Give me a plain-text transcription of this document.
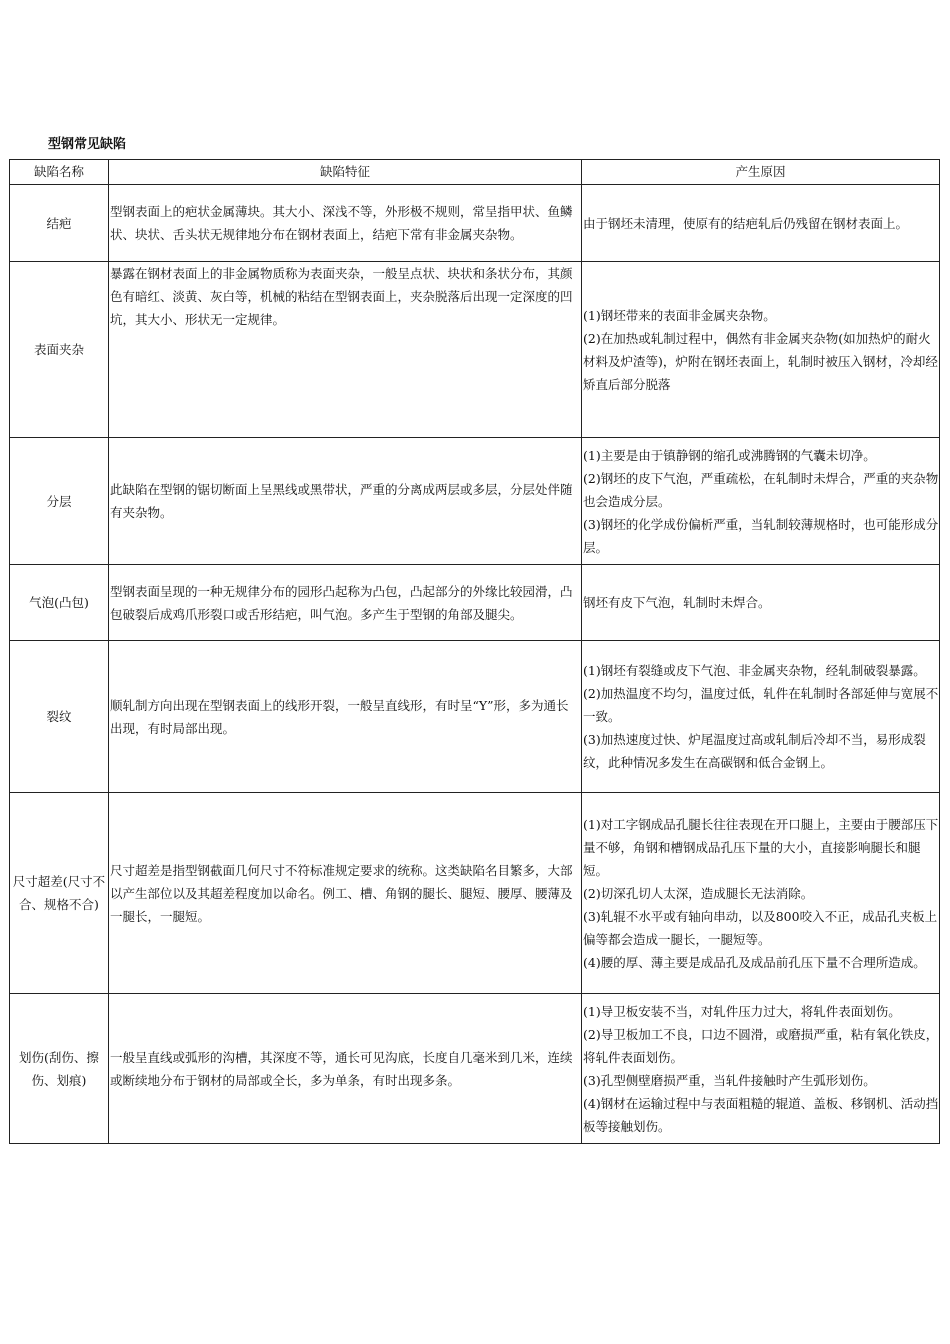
型钢常见缺陷
缺陷名称	缺陷特征	产生原因
结疤	型钢表面上的疤状金属薄块。其大小、深浅不等，外形极不规则，常呈指甲状、鱼鳞状、块状、舌头状无规律地分布在钢材表面上，结疤下常有非金属夹杂物。	由于钢坯未清理，使原有的结疤轧后仍残留在钢材表面上。

表面夹杂	暴露在钢材表面上的非金属物质称为表面夹杂，一般呈点状、块状和条状分布，其颜色有暗红、淡黄、灰白等，机械的粘结在型钢表面上，夹杂脱落后出现一定深度的凹坑，其大小、形状无一定规律。	(1)钢坯带来的表面非金属夹杂物。
(2)在加热或轧制过程中，偶然有非金属夹杂物(如加热炉的耐火材料及炉渣等)，炉附在钢坯表面上，轧制时被压入钢材，冷却经矫直后部分脱落

分层	此缺陷在型钢的锯切断面上呈黑线或黑带状，严重的分离成两层或多层，分层处伴随有夹杂物。	(1)主要是由于镇静钢的缩孔或沸腾钢的气囊未切净。
(2)钢坯的皮下气泡，严重疏松，在轧制时未焊合，严重的夹杂物也会造成分层。
(3)钢坯的化学成份偏析严重，当轧制较薄规格时，也可能形成分层。

气泡(凸包)	型钢表面呈现的一种无规律分布的园形凸起称为凸包，凸起部分的外缘比较园滑，凸包破裂后成鸡爪形裂口或舌形结疤，叫气泡。多产生于型钢的角部及腿尖。	钢坯有皮下气泡，轧制时未焊合。

裂纹	顺轧制方向出现在型钢表面上的线形开裂，一般呈直线形，有时呈“Y”形，多为通长出现，有时局部出现。	(1)钢坯有裂缝或皮下气泡、非金属夹杂物，经轧制破裂暴露。
(2)加热温度不均匀，温度过低，轧件在轧制时各部延伸与宽展不一致。
(3)加热速度过快、炉尾温度过高或轧制后冷却不当，易形成裂纹，此种情况多发生在高碳钢和低合金钢上。

尺寸超差(尺寸不合、规格不合)	尺寸超差是指型钢截面几何尺寸不符标准规定要求的统称。这类缺陷名目繁多，大部以产生部位以及其超差程度加以命名。例工、槽、角钢的腿长、腿短、腰厚、腰薄及一腿长，一腿短。	(1)对工字钢成品孔腿长往往表现在开口腿上，主要由于腰部压下量不够，角钢和槽钢成品孔压下量的大小，直接影响腿长和腿短。
(2)切深孔切人太深，造成腿长无法消除。
(3)轧辊不水平或有轴向串动，以及800咬入不正，成品孔夹板上偏等都会造成一腿长，一腿短等。
(4)腰的厚、薄主要是成品孔及成品前孔压下量不合理所造成。

划伤(刮伤、擦伤、划痕)	一般呈直线或弧形的沟槽，其深度不等，通长可见沟底，长度自几毫米到几米，连续或断续地分布于钢材的局部或全长，多为单条，有时出现多条。	(1)导卫板安装不当，对轧件压力过大，将轧件表面划伤。
(2)导卫板加工不良，口边不圆滑，或磨损严重，粘有氧化铁皮，将轧件表面划伤。
(3)孔型侧壁磨损严重，当轧件接触时产生弧形划伤。
(4)钢材在运输过程中与表面粗糙的辊道、盖板、移钢机、活动挡板等接触划伤。
